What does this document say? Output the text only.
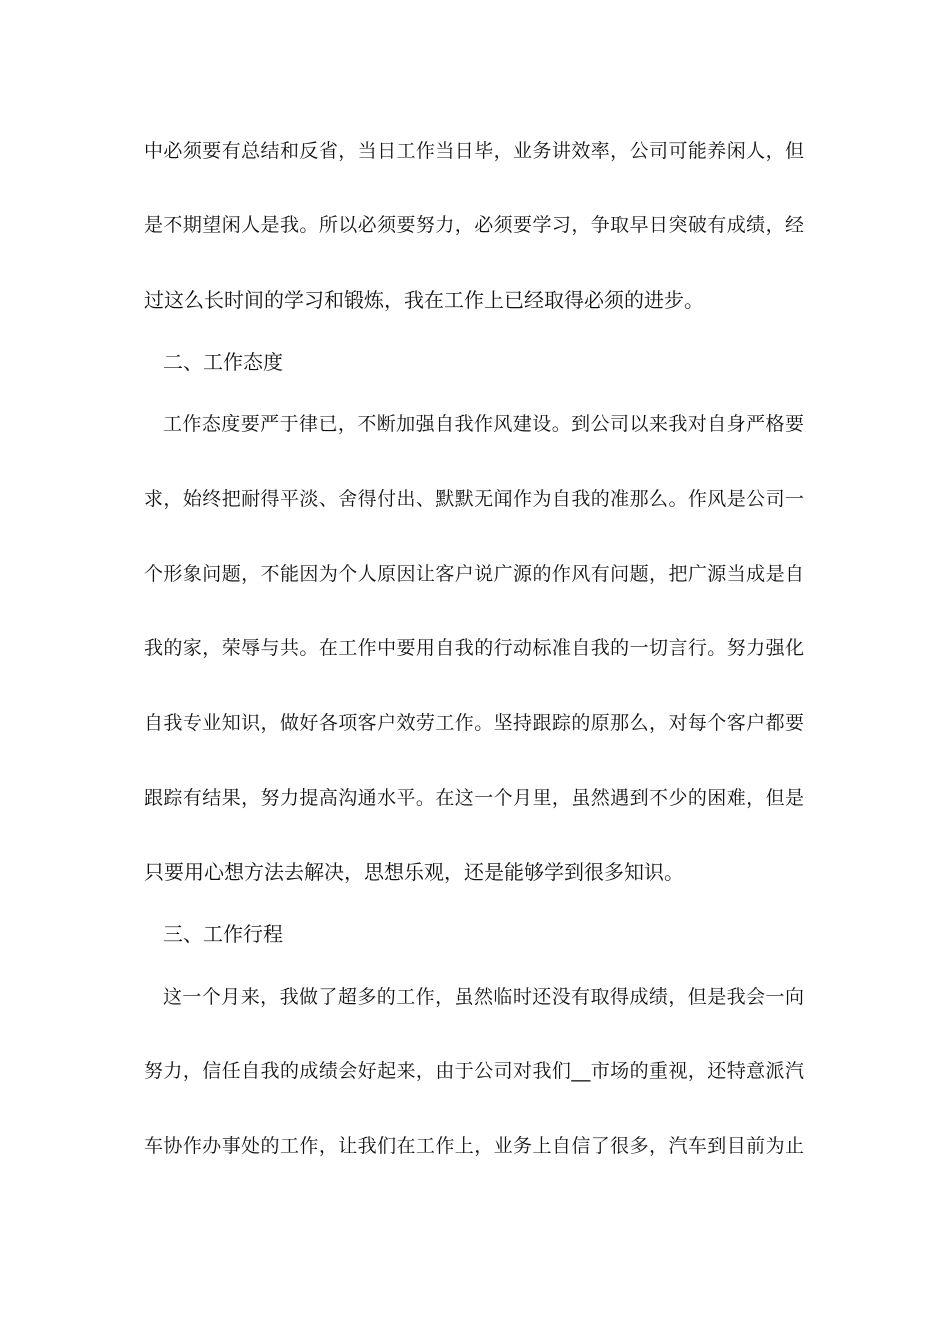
中必须要有总结和反省，当日工作当日毕，业务讲效率，公司可能养闲人，但
是不期望闲人是我。所以必须要努力，必须要学习，争取早日突破有成绩，经
过这么长时间的学习和锻炼，我在工作上已经取得必须的进步。
二、工作态度
工作态度要严于律已，不断加强自我作风建设。到公司以来我对自身严格要
求，始终把耐得平淡、舍得付出、默默无闻作为自我的准那么。作风是公司一
个形象问题，不能因为个人原因让客户说广源的作风有问题，把广源当成是自
我的家，荣辱与共。在工作中要用自我的行动标准自我的一切言行。努力强化
自我专业知识，做好各项客户效劳工作。坚持跟踪的原那么，对每个客户都要
跟踪有结果，努力提高沟通水平。在这一个月里，虽然遇到不少的困难，但是
只要用心想方法去解决，思想乐观，还是能够学到很多知识。
三、工作行程
这一个月来，我做了超多的工作，虽然临时还没有取得成绩，但是我会一向
努力，信任自我的成绩会好起来，由于公司对我们__市场的重视，还特意派汽
车协作办事处的工作，让我们在工作上，业务上自信了很多，汽车到目前为止
